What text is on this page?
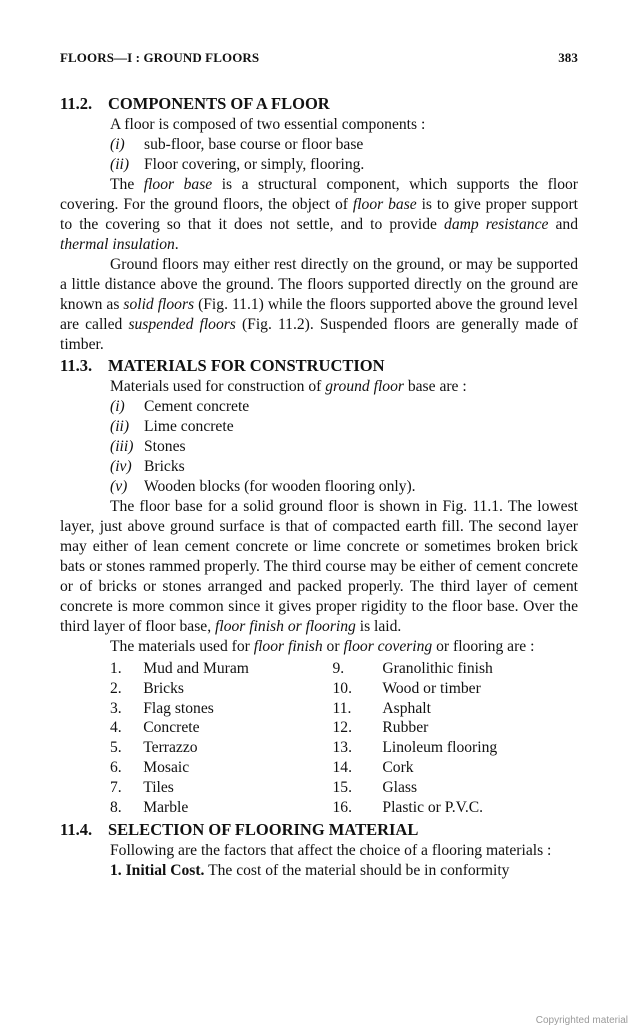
FLOORS—I : GROUND FLOORS	383
11.2. COMPONENTS OF A FLOOR

A floor is composed of two essential components :

(i) sub-floor, base course or floor base
(ii) Floor covering, or simply, flooring.

The floor base is a structural component, which supports the floor covering. For the ground floors, the object of floor base is to give proper support to the covering so that it does not settle, and to provide damp resistance and thermal insulation.

Ground floors may either rest directly on the ground, or may be supported a little distance above the ground. The floors supported directly on the ground are known as solid floors (Fig. 11.1) while the floors supported above the ground level are called suspended floors (Fig. 11.2). Suspended floors are generally made of timber.

11.3. MATERIALS FOR CONSTRUCTION

Materials used for construction of ground floor base are :

(i) Cement concrete
(ii) Lime concrete
(iii) Stones
(iv) Bricks
(v) Wooden blocks (for wooden flooring only).

The floor base for a solid ground floor is shown in Fig. 11.1. The lowest layer, just above ground surface is that of compacted earth fill. The second layer may either of lean cement concrete or lime concrete or sometimes broken brick bats or stones rammed properly. The third course may be either of cement concrete or of bricks or stones arranged and packed properly. The third layer of cement concrete is more common since it gives proper rigidity to the floor base. Over the third layer of floor base, floor finish or flooring is laid.

The materials used for floor finish or floor covering or flooring are :

1.	Mud and Muram	9.	Granolithic finish
2.	Bricks	10.	Wood or timber
3.	Flag stones	11.	Asphalt
4.	Concrete	12.	Rubber
5.	Terrazzo	13.	Linoleum flooring
6.	Mosaic	14.	Cork
7.	Tiles	15.	Glass
8.	Marble	16.	Plastic or P.V.C.
11.4. SELECTION OF FLOORING MATERIAL

Following are the factors that affect the choice of a flooring materials :

1. Initial Cost. The cost of the material should be in conformity

Copyrighted material
